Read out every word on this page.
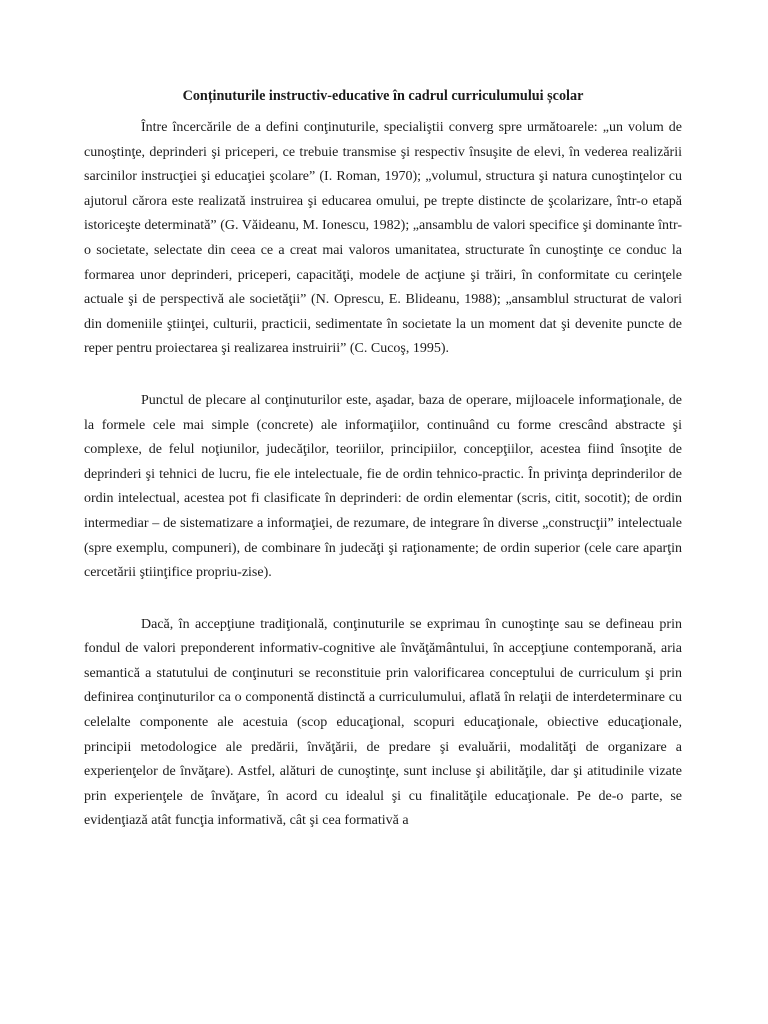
Conținuturile instructiv-educative în cadrul curriculumului școlar

Între încercările de a defini conţinuturile, specialiştii converg spre următoarele: „un volum de cunoştinţe, deprinderi şi priceperi, ce trebuie transmise şi respectiv însuşite de elevi, în vederea realizării sarcinilor instrucţiei şi educaţiei şcolare” (I. Roman, 1970); „volumul, structura şi natura cunoştinţelor cu ajutorul cărora este realizată instruirea şi educarea omului, pe trepte distincte de şcolarizare, într-o etapă istoriceşte determinată” (G. Văideanu, M. Ionescu, 1982); „ansamblu de valori specifice şi dominante într-o societate, selectate din ceea ce a creat mai valoros umanitatea, structurate în cunoştinţe ce conduc la formarea unor deprinderi, priceperi, capacităţi, modele de acţiune şi trăiri, în conformitate cu cerinţele actuale şi de perspectivă ale societăţii” (N. Oprescu, E. Blideanu, 1988); „ansamblul structurat de valori din domeniile ştiinţei, culturii, practicii, sedimentate în societate la un moment dat şi devenite puncte de reper pentru proiectarea şi realizarea instruirii” (C. Cucoş, 1995).

Punctul de plecare al conţinuturilor este, aşadar, baza de operare, mijloacele informaţionale, de la formele cele mai simple (concrete) ale informaţiilor, continuând cu forme crescând abstracte şi complexe, de felul noţiunilor, judecăţilor, teoriilor, principiilor, concepţiilor, acestea fiind însoţite de deprinderi şi tehnici de lucru, fie ele intelectuale, fie de ordin tehnico-practic. În privinţa deprinderilor de ordin intelectual, acestea pot fi clasificate în deprinderi: de ordin elementar (scris, citit, socotit); de ordin intermediar – de sistematizare a informaţiei, de rezumare, de integrare în diverse „construcţii” intelectuale (spre exemplu, compuneri), de combinare în judecăţi şi raţionamente; de ordin superior (cele care aparţin cercetării ştiinţifice propriu-zise).

Dacă, în accepţiune tradiţională, conţinuturile se exprimau în cunoştinţe sau se defineau prin fondul de valori preponderent informativ-cognitive ale învăţământului, în accepţiune contemporană, aria semantică a statutului de conţinuturi se reconstituie prin valorificarea conceptului de curriculum şi prin definirea conţinuturilor ca o componentă distinctă a curriculumului, aflată în relaţii de interdeterminare cu celelalte componente ale acestuia (scop educaţional, scopuri educaţionale, obiective educaţionale, principii metodologice ale predării, învăţării, de predare şi evaluării, modalităţi de organizare a experienţelor de învăţare). Astfel, alături de cunoştinţe, sunt incluse şi abilităţile, dar şi atitudinile vizate prin experienţele de învăţare, în acord cu idealul şi cu finalităţile educaţionale. Pe de-o parte, se evidenţiază atât funcţia informativă, cât şi cea formativă a
